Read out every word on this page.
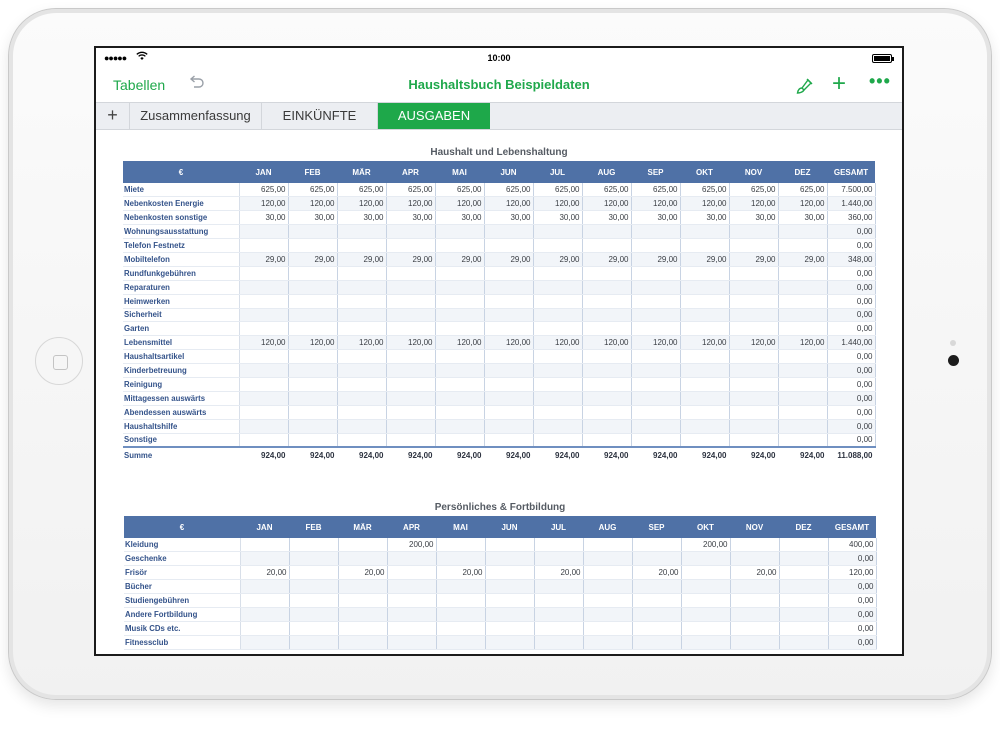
●●●●●	10:00
Tabellen	Haushaltsbuch Beispieldaten	+ •••
+	Zusammenfassung	EINKÜNFTE	AUSGABEN
Haushalt und Lebenshaltung
€	JAN	FEB	MÄR	APR	MAI	JUN	JUL	AUG	SEP	OKT	NOV	DEZ	GESAMT
Miete	625,00	625,00	625,00	625,00	625,00	625,00	625,00	625,00	625,00	625,00	625,00	625,00	7.500,00
Nebenkosten Energie	120,00	120,00	120,00	120,00	120,00	120,00	120,00	120,00	120,00	120,00	120,00	120,00	1.440,00
Nebenkosten sonstige	30,00	30,00	30,00	30,00	30,00	30,00	30,00	30,00	30,00	30,00	30,00	30,00	360,00
Wohnungsausstattung													0,00
Telefon Festnetz													0,00
Mobiltelefon	29,00	29,00	29,00	29,00	29,00	29,00	29,00	29,00	29,00	29,00	29,00	29,00	348,00
Rundfunkgebühren													0,00
Reparaturen													0,00
Heimwerken													0,00
Sicherheit													0,00
Garten													0,00
Lebensmittel	120,00	120,00	120,00	120,00	120,00	120,00	120,00	120,00	120,00	120,00	120,00	120,00	1.440,00
Haushaltsartikel													0,00
Kinderbetreuung													0,00
Reinigung													0,00
Mittagessen auswärts													0,00
Abendessen auswärts													0,00
Haushaltshilfe													0,00
Sonstige													0,00
Summe	924,00	924,00	924,00	924,00	924,00	924,00	924,00	924,00	924,00	924,00	924,00	924,00	11.088,00
Persönliches & Fortbildung
€	JAN	FEB	MÄR	APR	MAI	JUN	JUL	AUG	SEP	OKT	NOV	DEZ	GESAMT
Kleidung				200,00						200,00			400,00
Geschenke													0,00
Frisör	20,00		20,00		20,00		20,00		20,00		20,00		120,00
Bücher													0,00
Studiengebühren													0,00
Andere Fortbildung													0,00
Musik CDs etc.													0,00
Fitnessclub													0,00
